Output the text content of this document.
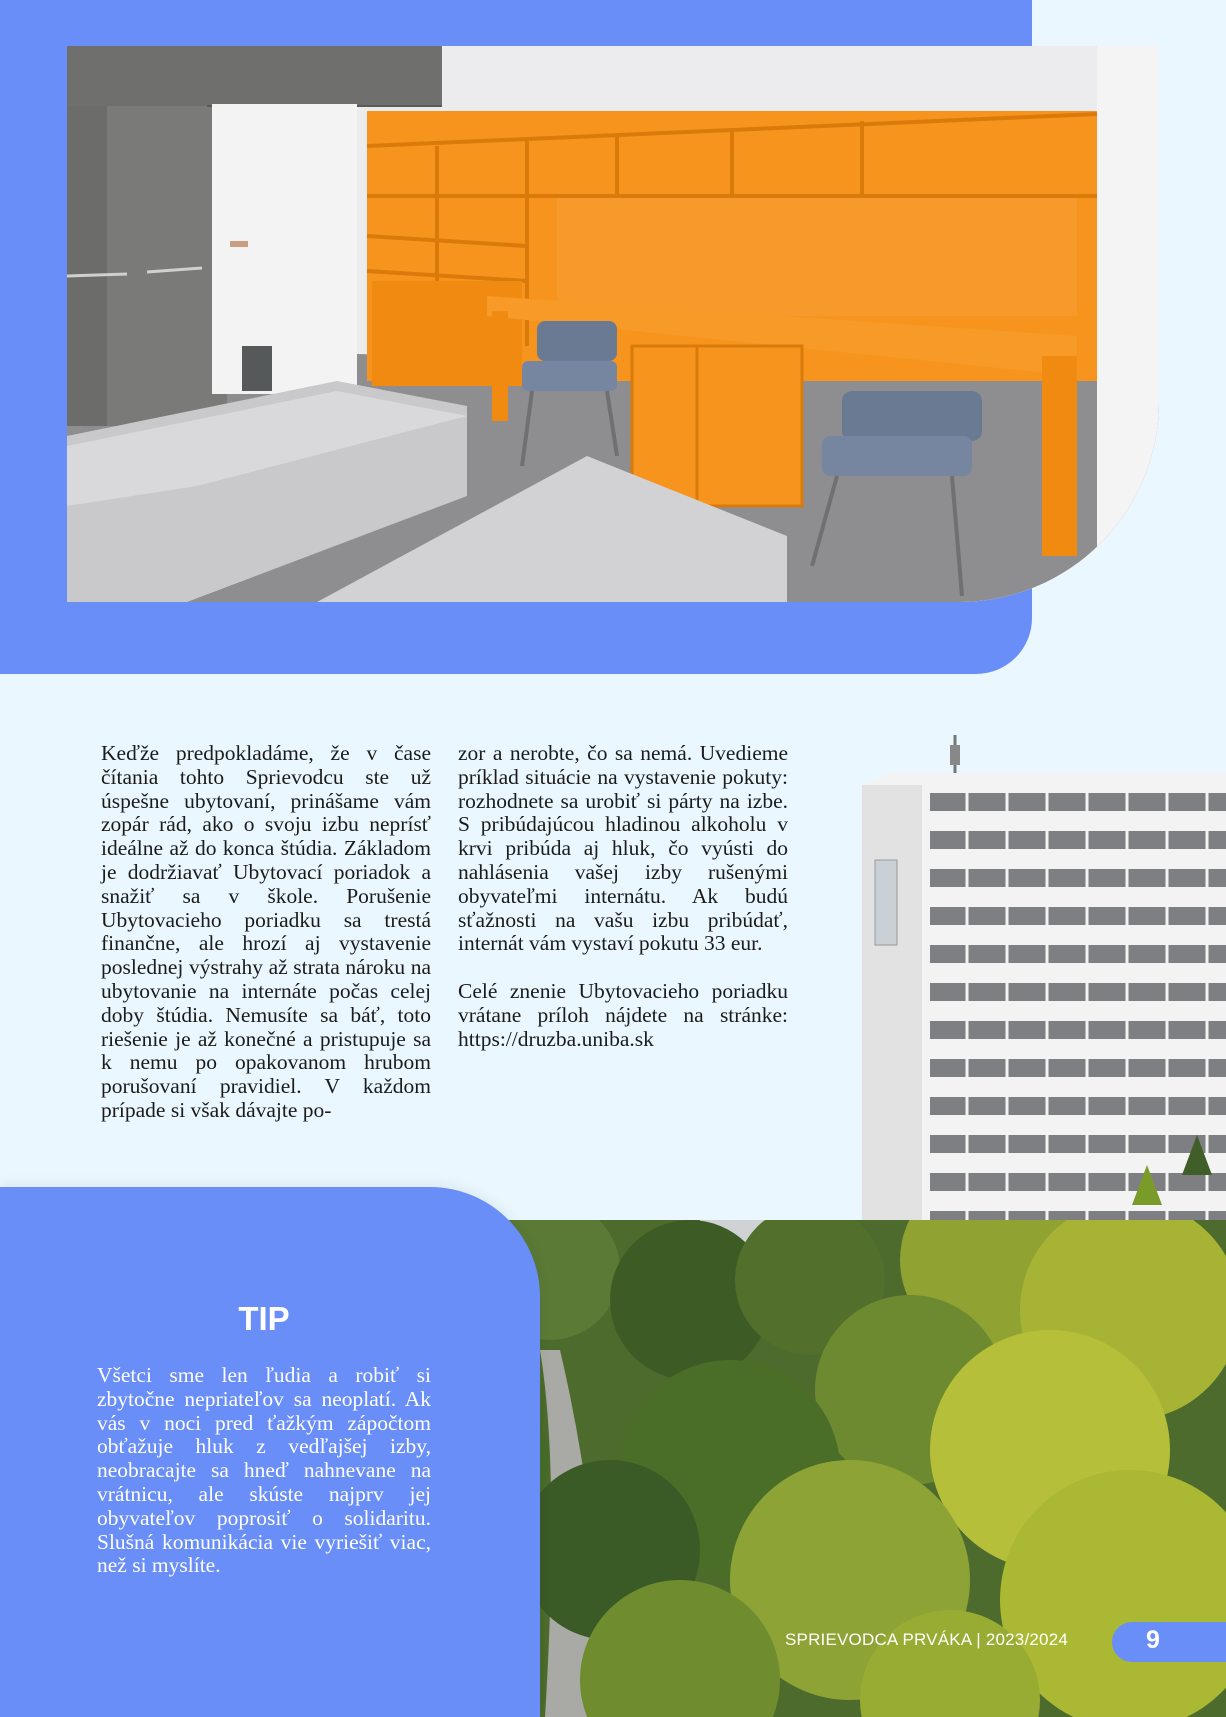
Keďže predpokladáme, že v čase čítania tohto Sprievodcu ste už úspešne ubytovaní, prinášame vám zopár rád, ako o svoju izbu neprísť ideálne až do konca štúdia. Základom je dodržiavať Ubytovací poriadok a snažiť sa v škole. Porušenie Ubytovacieho poriadku sa trestá finančne, ale hrozí aj vystavenie poslednej výstrahy až strata nároku na ubytovanie na internáte počas celej doby štúdia. Nemusíte sa báť, toto riešenie je až konečné a pristupuje sa k nemu po opakovanom hrubom porušovaní pravidiel. V každom prípade si však dávajte po-

zor a nerobte, čo sa nemá. Uvedieme príklad situácie na vystavenie pokuty: rozhodnete sa urobiť si párty na izbe. S pribúdajúcou hladinou alkoholu v krvi pribúda aj hluk, čo vyústi do nahlásenia vašej izby rušenými obyvateľmi internátu. Ak budú sťažnosti na vašu izbu pribúdať, internát vám vystaví pokutu 33 eur.

Celé znenie Ubytovacieho poriadku vrátane príloh nájdete na stránke: https://druzba.uniba.sk

TIP
Všetci sme len ľudia a robiť si zbytočne nepriateľov sa neoplatí. Ak vás v noci pred ťažkým zápočtom obťažuje hluk z vedľajšej izby, neobracajte sa hneď nahnevane na vrátnicu, ale skúste najprv jej obyvateľov poprosiť o solidaritu. Slušná komunikácia vie vyriešiť viac, než si myslíte.
SPRIEVODCA PRVÁKA | 2023/2024	9
